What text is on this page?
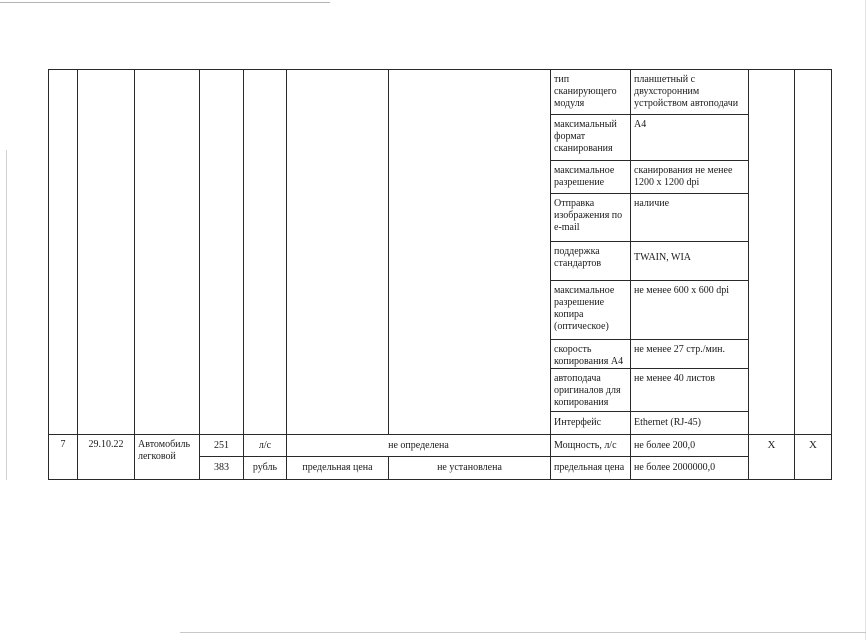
							тип сканирующего модуля	планшетный с двухсторонним устройством автоподачи		
							максимальный формат сканирования	А4		
							максимальное разрешение	сканирования не менее 1200 х 1200 dpi		
							Отправка изображения по e-mail	наличие		
							поддержка стандартов	TWAIN, WIA		
							максимальное разрешение копира (оптическое)	не менее 600 х 600 dpi		
							скорость копирования А4	не менее 27 стр./мин.		
							автоподача оригиналов для копирования	не менее 40 листов		
							Интерфейс	Ethernet (RJ-45)		
7	29.10.22	Автомобиль легковой	251	л/с	не определена		Мощность, л/с	не более 200,0	X	X
			383	рубль	предельная цена	не установлена	предельная цена	не более 2000000,0		
